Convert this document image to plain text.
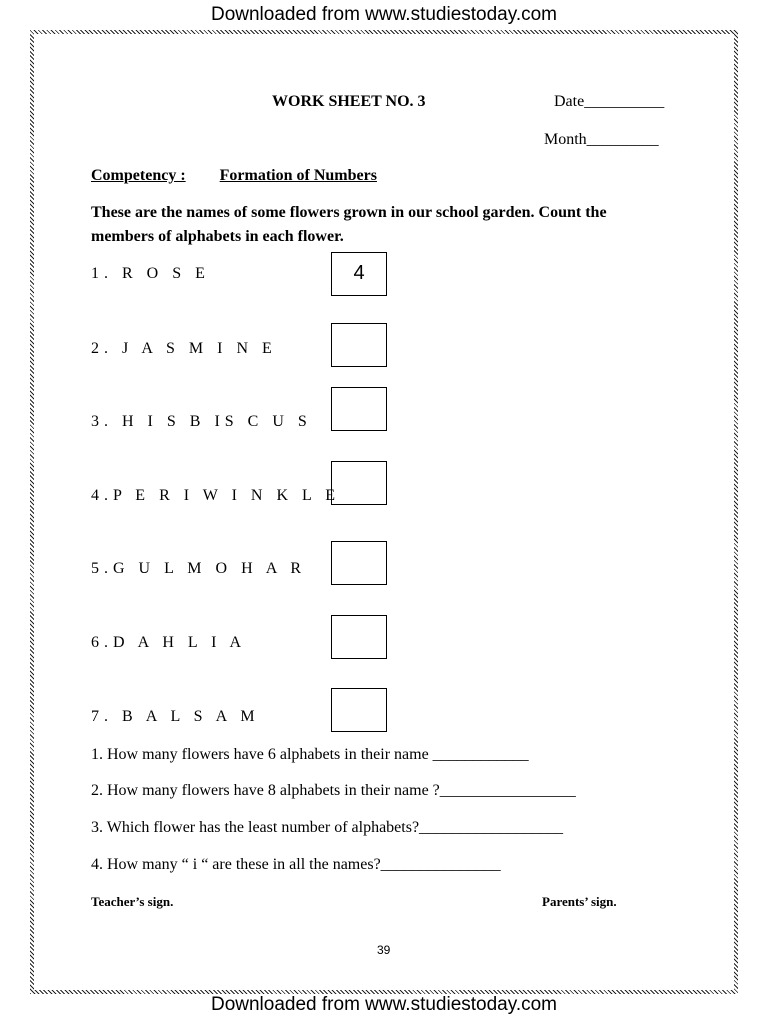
Downloaded from www.studiestoday.com
WORK SHEET NO. 3	Date__________
Month_________
Competency : Formation of Numbers
These are the names of some flowers grown in our school garden. Count the
members of alphabets in each flower.
1. R O S E	4
2. J A S M I N E
3. H I S B IS C U S
4.P E R I W I N K L E
5.G U L M O H A R
6.D A H L I A
7. B A L S A M
1. How many flowers have 6 alphabets in their name ____________
2. How many flowers have 8 alphabets in their name ?_________________
3. Which flower has the least number of alphabets?__________________
4. How many “ i “ are these in all the names?_______________
Teacher’s sign.	Parents’ sign.
39
Downloaded from www.studiestoday.com
